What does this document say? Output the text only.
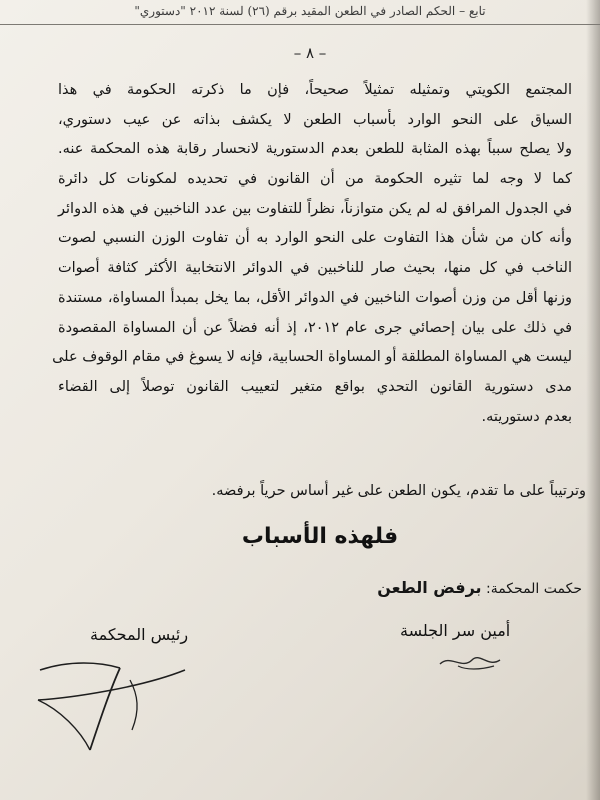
تابع – الحكم الصادر في الطعن المقيد برقم (٢٦) لسنة ٢٠١٢ "دستوري"
– ٨ –
المجتمع الكويتي وتمثيله تمثيلاً صحيحاً، فإن ما ذكرته الحكومة في هذا
السياق على النحو الوارد بأسباب الطعن لا يكشف بذاته عن عيب دستوري،
ولا يصلح سبباً بهذه المثابة للطعن بعدم الدستورية لانحسار رقابة هذه المحكمة عنه.
كما لا وجه لما تثيره الحكومة من أن القانون في تحديده لمكونات كل دائرة
في الجدول المرافق له لم يكن متوازناً، نظراً للتفاوت بين عدد الناخبين في هذه الدوائر
وأنه كان من شأن هذا التفاوت على النحو الوارد به أن تفاوت الوزن النسبي لصوت
الناخب في كل منها، بحيث صار للناخبين في الدوائر الانتخابية الأكثر كثافة أصوات
وزنها أقل من وزن أصوات الناخبين في الدوائر الأقل، بما يخل بمبدأ المساواة، مستندة
في ذلك على بيان إحصائي جرى عام ٢٠١٢، إذ أنه فضلاً عن أن المساواة المقصودة
ليست هي المساواة المطلقة أو المساواة الحسابية، فإنه لا يسوغ في مقام الوقوف على
مدى دستورية القانون التحدي بواقع متغير لتعييب القانون توصلاً إلى القضاء
بعدم دستوريته.
وترتيباً على ما تقدم، يكون الطعن على غير أساس حرياً برفضه.
فلهذه الأسباب
حكمت المحكمة: برفض الطعن
أمين سر الجلسة
رئيس المحكمة
